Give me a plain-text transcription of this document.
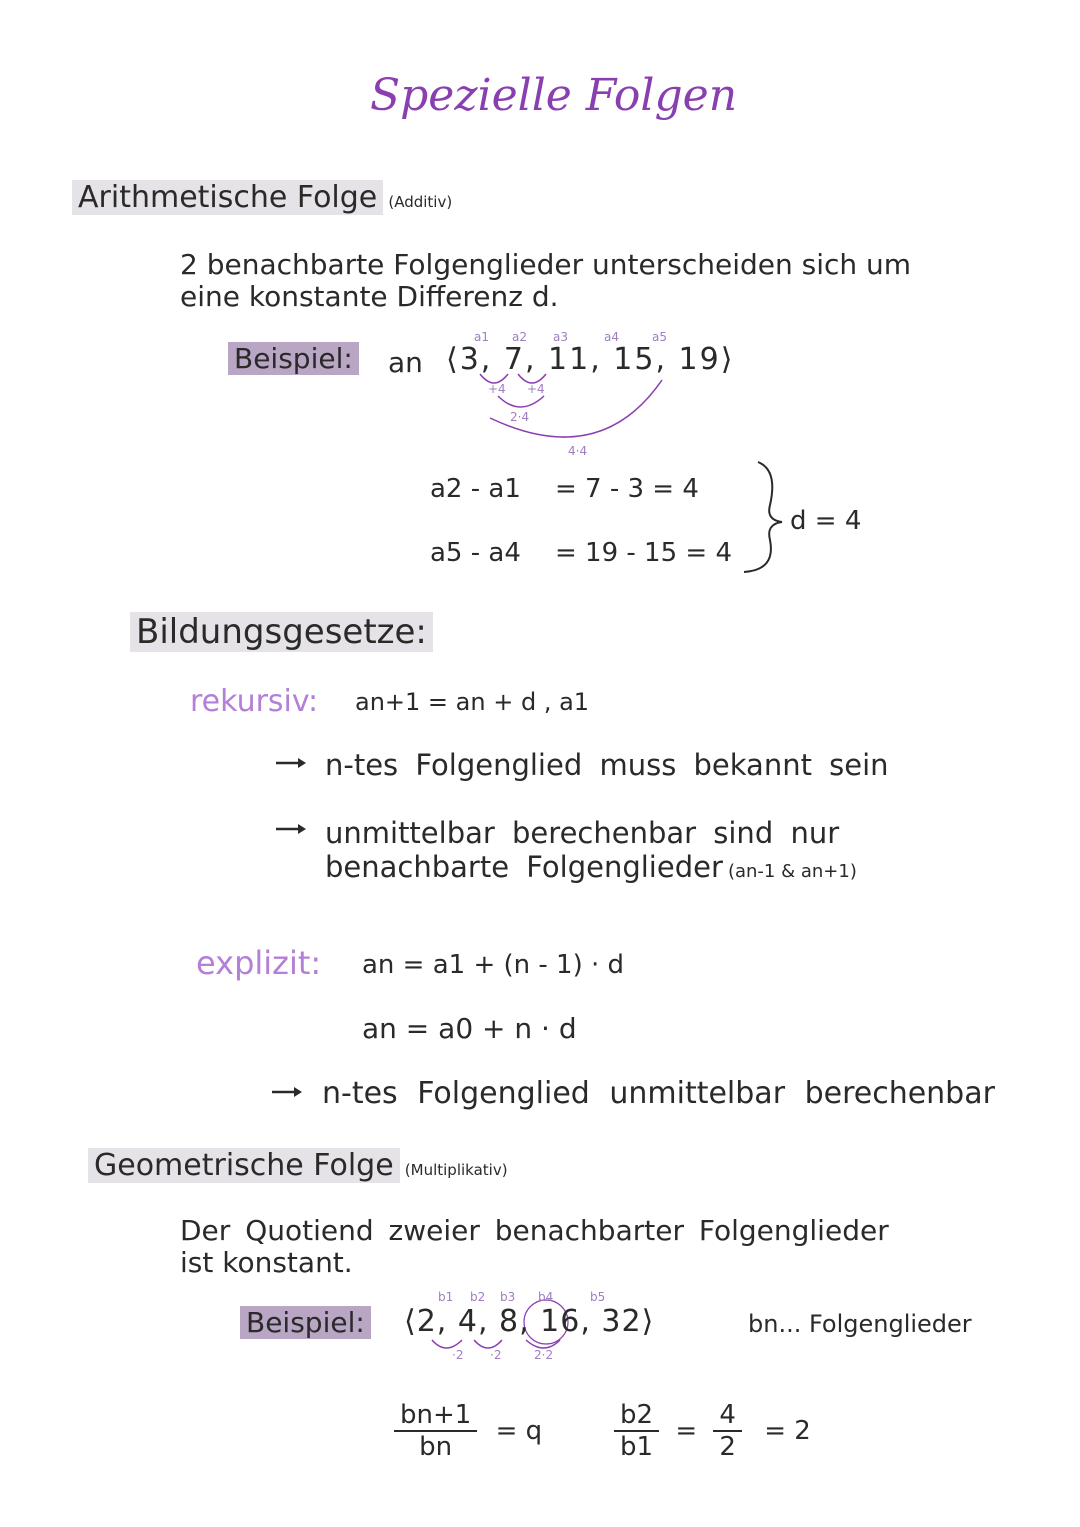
Spezielle Folgen
Arithmetische Folge (Additiv)
2 benachbarte Folgenglieder unterscheiden sich um
eine konstante Differenz d.
Beispiel: an ⟨3, 7, 11, 15, 19⟩
a1 a2 a3	a4	a5
+4 +4
2·4
4·4
a2 - a1 = 7 - 3 = 4
a5 - a4 = 19 - 15 = 4
d = 4
Bildungsgesetze:
rekursiv: an+1 = an + d , a1
n-tes Folgenglied muss bekannt sein
unmittelbar berechenbar sind nur
benachbarte Folgenglieder (an-1 & an+1)
explizit: an = a1 + (n - 1) · d
an = a0 + n · d
n-tes Folgenglied unmittelbar berechenbar
Geometrische Folge (Multiplikativ)
Der Quotiend zweier benachbarter Folgenglieder
ist konstant.
Beispiel: ⟨2, 4, 8, 16, 32⟩
b1 b2 b3 b4	b5
·2 ·2	2·2
bn... Folgenglieder
$\frac{bn+1}{bn} = q$	$\frac{b2}{b1} = \frac{4}{2} = 2$
